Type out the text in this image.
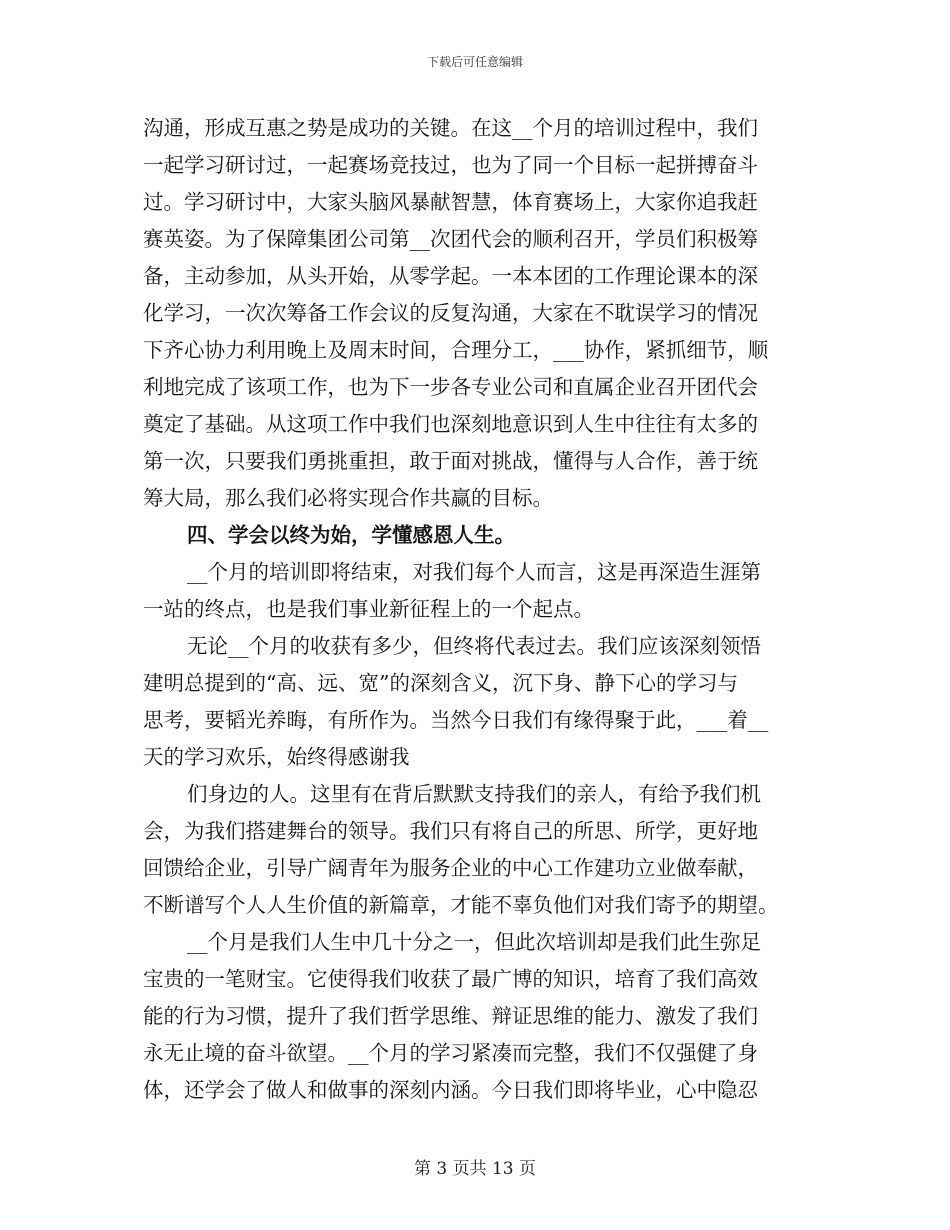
下载后可任意编辑
沟通，形成互惠之势是成功的关键。在这__个月的培训过程中，我们
一起学习研讨过，一起赛场竞技过，也为了同一个目标一起拼搏奋斗
过。学习研讨中，大家头脑风暴献智慧，体育赛场上，大家你追我赶
赛英姿。为了保障集团公司第__次团代会的顺利召开，学员们积极筹
备，主动参加，从头开始，从零学起。一本本团的工作理论课本的深
化学习，一次次筹备工作会议的反复沟通，大家在不耽误学习的情况
下齐心协力利用晚上及周末时间，合理分工，___协作，紧抓细节，顺
利地完成了该项工作，也为下一步各专业公司和直属企业召开团代会
奠定了基础。从这项工作中我们也深刻地意识到人生中往往有太多的
第一次，只要我们勇挑重担，敢于面对挑战，懂得与人合作，善于统
筹大局，那么我们必将实现合作共赢的目标。
四、学会以终为始，学懂感恩人生。
__个月的培训即将结束，对我们每个人而言，这是再深造生涯第
一站的终点，也是我们事业新征程上的一个起点。
无论__个月的收获有多少，但终将代表过去。我们应该深刻领悟
建明总提到的“高、远、宽”的深刻含义，沉下身、静下心的学习与
思考，要韬光养晦，有所作为。当然今日我们有缘得聚于此，___着__
天的学习欢乐，始终得感谢我
们身边的人。这里有在背后默默支持我们的亲人，有给予我们机
会，为我们搭建舞台的领导。我们只有将自己的所思、所学，更好地
回馈给企业，引导广阔青年为服务企业的中心工作建功立业做奉献，
不断谱写个人人生价值的新篇章，才能不辜负他们对我们寄予的期望。
__个月是我们人生中几十分之一，但此次培训却是我们此生弥足
宝贵的一笔财宝。它使得我们收获了最广博的知识，培育了我们高效
能的行为习惯，提升了我们哲学思维、辩证思维的能力、激发了我们
永无止境的奋斗欲望。__个月的学习紧凑而完整，我们不仅强健了身
体，还学会了做人和做事的深刻内涵。今日我们即将毕业，心中隐忍
第 3 页共 13 页
